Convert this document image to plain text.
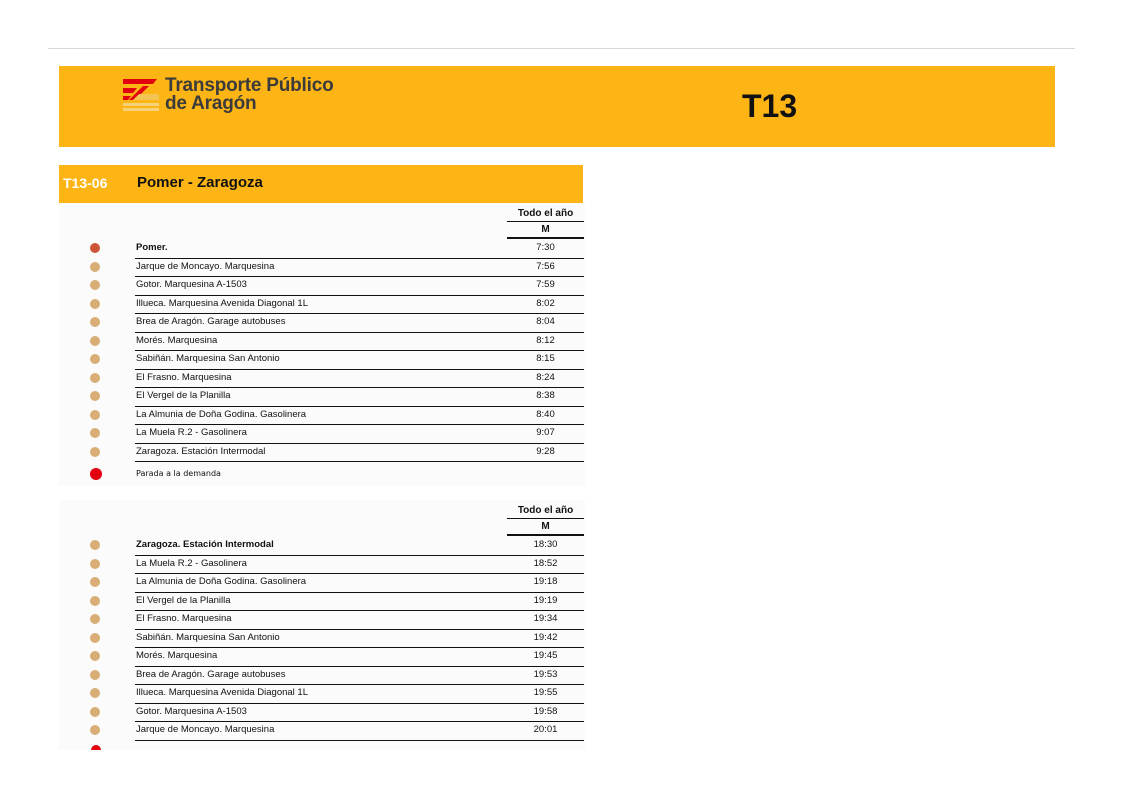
Transporte Público
de Aragón	T13
T13-06 Pomer - Zaragoza
Todo el año
M
Pomer.	7:30
Jarque de Moncayo. Marquesina	7:56
Gotor. Marquesina A-1503	7:59
Illueca. Marquesina Avenida Diagonal 1L	8:02
Brea de Aragón. Garage autobuses	8:04
Morés. Marquesina	8:12
Sabiñán. Marquesina San Antonio	8:15
El Frasno. Marquesina	8:24
El Vergel de la Planilla	8:38
La Almunia de Doña Godina. Gasolinera	8:40
La Muela R.2 - Gasolinera	9:07
Zaragoza. Estación Intermodal	9:28
Parada a la demanda
Todo el año
M
Zaragoza. Estación Intermodal	18:30
La Muela R.2 - Gasolinera	18:52
La Almunia de Doña Godina. Gasolinera	19:18
El Vergel de la Planilla	19:19
El Frasno. Marquesina	19:34
Sabiñán. Marquesina San Antonio	19:42
Morés. Marquesina	19:45
Brea de Aragón. Garage autobuses	19:53
Illueca. Marquesina Avenida Diagonal 1L	19:55
Gotor. Marquesina A-1503	19:58
Jarque de Moncayo. Marquesina	20:01
